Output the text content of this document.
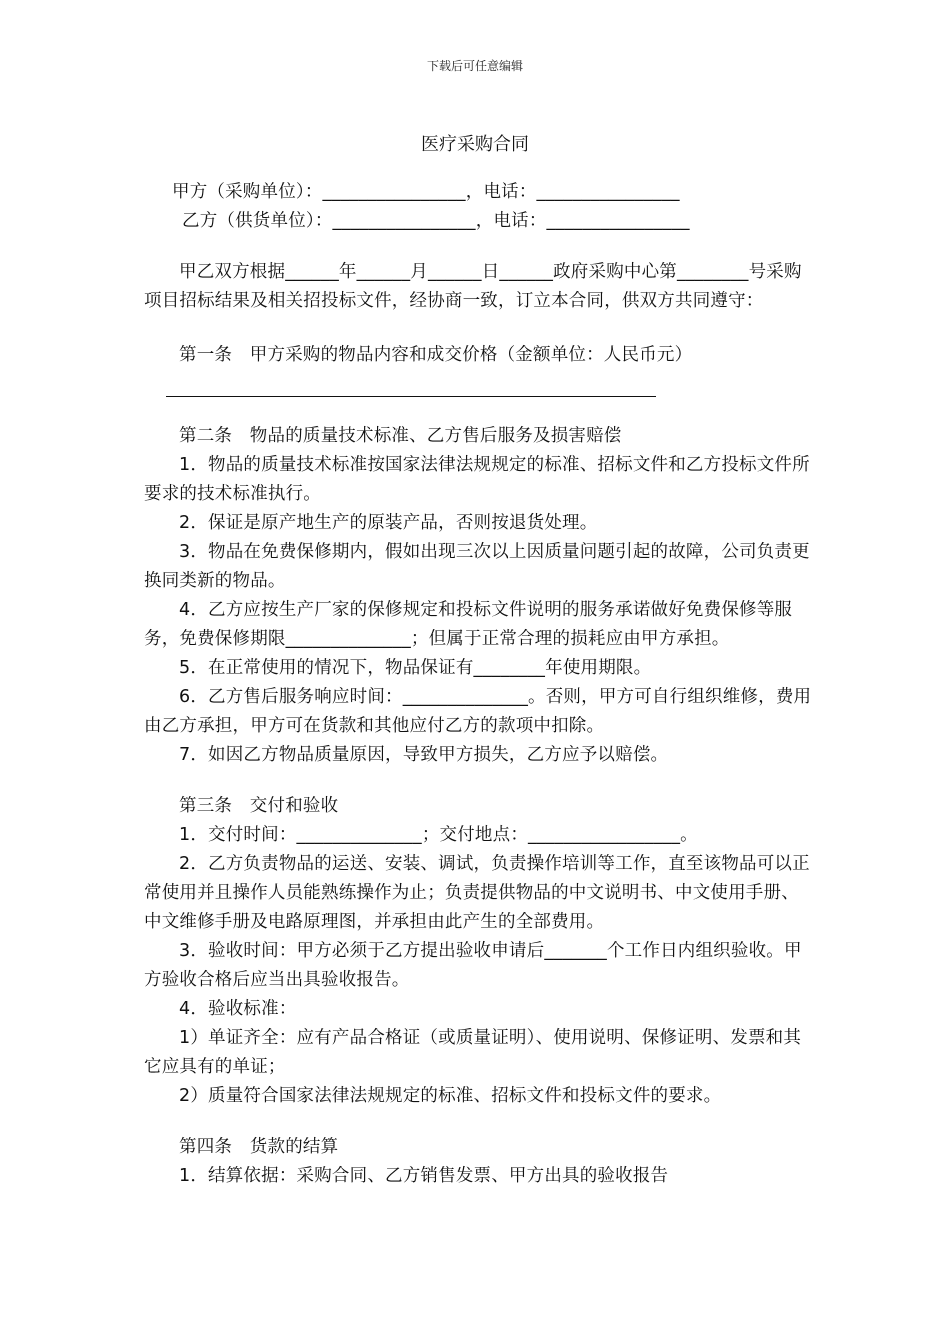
下载后可任意编辑
医疗采购合同

甲方（采购单位）：________________，电话：________________

乙方（供货单位）：________________，电话：________________

甲乙双方根据______年______月______日______政府采购中心第________号采购项目招标结果及相关招投标文件，经协商一致，订立本合同，供双方共同遵守：

第一条　甲方采购的物品内容和成交价格（金额单位：人民币元）

第二条　物品的质量技术标准、乙方售后服务及损害赔偿

1．物品的质量技术标准按国家法律法规规定的标准、招标文件和乙方投标文件所要求的技术标准执行。

2．保证是原产地生产的原装产品，否则按退货处理。

3．物品在免费保修期内，假如出现三次以上因质量问题引起的故障，公司负责更换同类新的物品。

4．乙方应按生产厂家的保修规定和投标文件说明的服务承诺做好免费保修等服务，免费保修期限______________；但属于正常合理的损耗应由甲方承担。

5．在正常使用的情况下，物品保证有________年使用期限。

6．乙方售后服务响应时间：______________。否则，甲方可自行组织维修，费用由乙方承担，甲方可在货款和其他应付乙方的款项中扣除。

7．如因乙方物品质量原因，导致甲方损失，乙方应予以赔偿。

第三条　交付和验收

1．交付时间：______________；交付地点：_________________。

2．乙方负责物品的运送、安装、调试，负责操作培训等工作，直至该物品可以正常使用并且操作人员能熟练操作为止；负责提供物品的中文说明书、中文使用手册、中文维修手册及电路原理图，并承担由此产生的全部费用。

3．验收时间：甲方必须于乙方提出验收申请后_______个工作日内组织验收。甲方验收合格后应当出具验收报告。

4．验收标准：

1）单证齐全：应有产品合格证（或质量证明）、使用说明、保修证明、发票和其它应具有的单证；

2）质量符合国家法律法规规定的标准、招标文件和投标文件的要求。

第四条　货款的结算

1．结算依据：采购合同、乙方销售发票、甲方出具的验收报告
